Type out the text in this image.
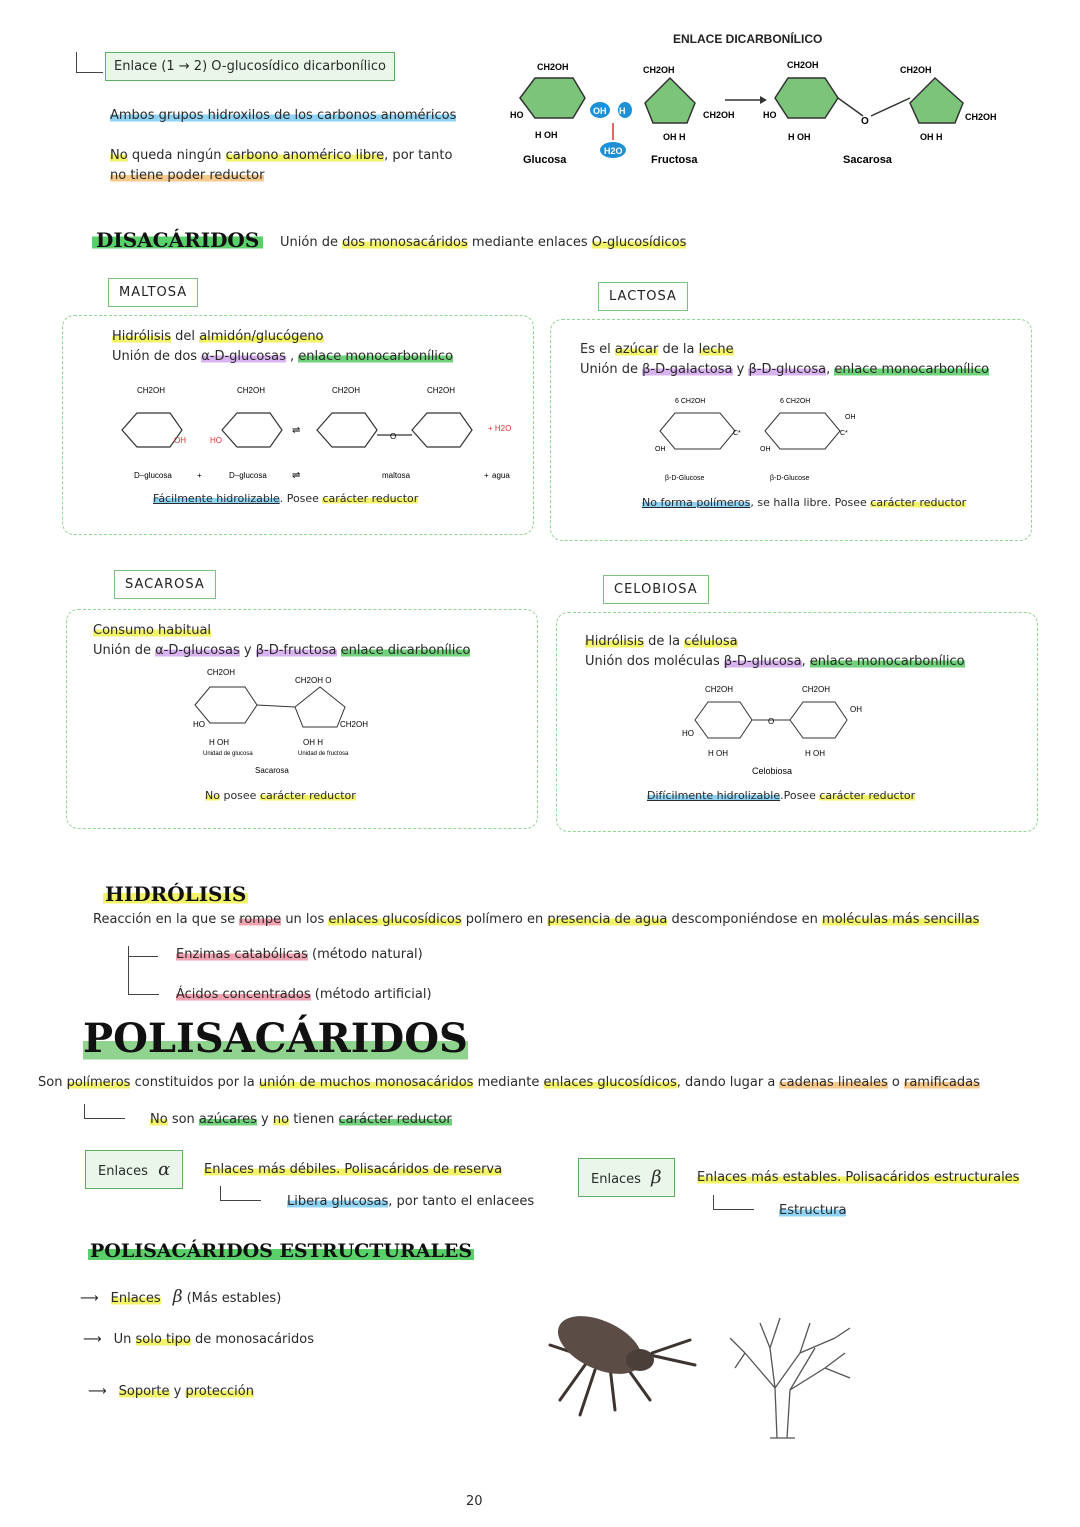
Enlace (1 → 2) O-glucosídico dicarbonílico
Ambos grupos hidroxilos de los carbonos anoméricos
No queda ningún carbono anomérico libre, por tanto
no tiene poder reductor
ENLACE DICARBONÍLICO
CH2OH
HO
H OH
OH H
H2O
Glucosa
CH2OH
CH2OH
OH H
Fructosa
CH2OH
HO
O
CH2OH
CH2OH
H OH	OH H
Sacarosa
DISACÁRIDOS	Unión de dos monosacáridos mediante enlaces O-glucosídicos
MALTOSA
Hidrólisis del almidón/glucógeno
Unión de dos α-D-glucosas , enlace monocarbonílico
CH2OH	CH2OH	CH2OH	CH2OH
OH	HO
+ H2O
⇌
O
D–glucosa	+	D–glucosa	⇌	maltosa	+ agua
Fácilmente hidrolizable. Posee carácter reductor
LACTOSA
Es el azúcar de la leche
Unión de β-D-galactosa y β-D-glucosa, enlace monocarbonílico
6 CH2OH	6 CH2OH
C*	C*
OH
OH	OH
β-D-Glucose	β-D-Glucose
No forma polímeros, se halla libre. Posee carácter reductor
SACAROSA
Consumo habitual
Unión de α-D-glucosas y β-D-fructosa enlace dicarbonílico
CH2OH
CH2OH O
CH2OH
HO
H OH	OH H
Unidad de glucosa	Unidad de fructosa
Sacarosa
No posee carácter reductor
CELOBIOSA
Hidrólisis de la célulosa
Unión dos moléculas β-D-glucosa, enlace monocarbonílico
CH2OH	CH2OH
O
HO
OH
H OH	H OH
Celobiosa
Difícilmente hidrolizable.Posee carácter reductor
HIDRÓLISIS
Reacción en la que se rompe un los enlaces glucosídicos polímero en presencia de agua descomponiéndose en moléculas más sencillas
Enzimas catabólicas (método natural)
Ácidos concentrados (método artificial)
POLISACÁRIDOS
Son polímeros constituidos por la unión de muchos monosacáridos mediante enlaces glucosídicos, dando lugar a cadenas lineales o ramificadas
No son azúcares y no tienen carácter reductor
Enlaces α	Enlaces más débiles. Polisacáridos de reserva
Libera glucosas, por tanto el enlacees
Enlaces β	Enlaces más estables. Polisacáridos estructurales
Estructura
POLISACÁRIDOS ESTRUCTURALES
⟶ Enlaces β (Más estables)
⟶ Un solo tipo de monosacáridos
⟶ Soporte y protección
20
